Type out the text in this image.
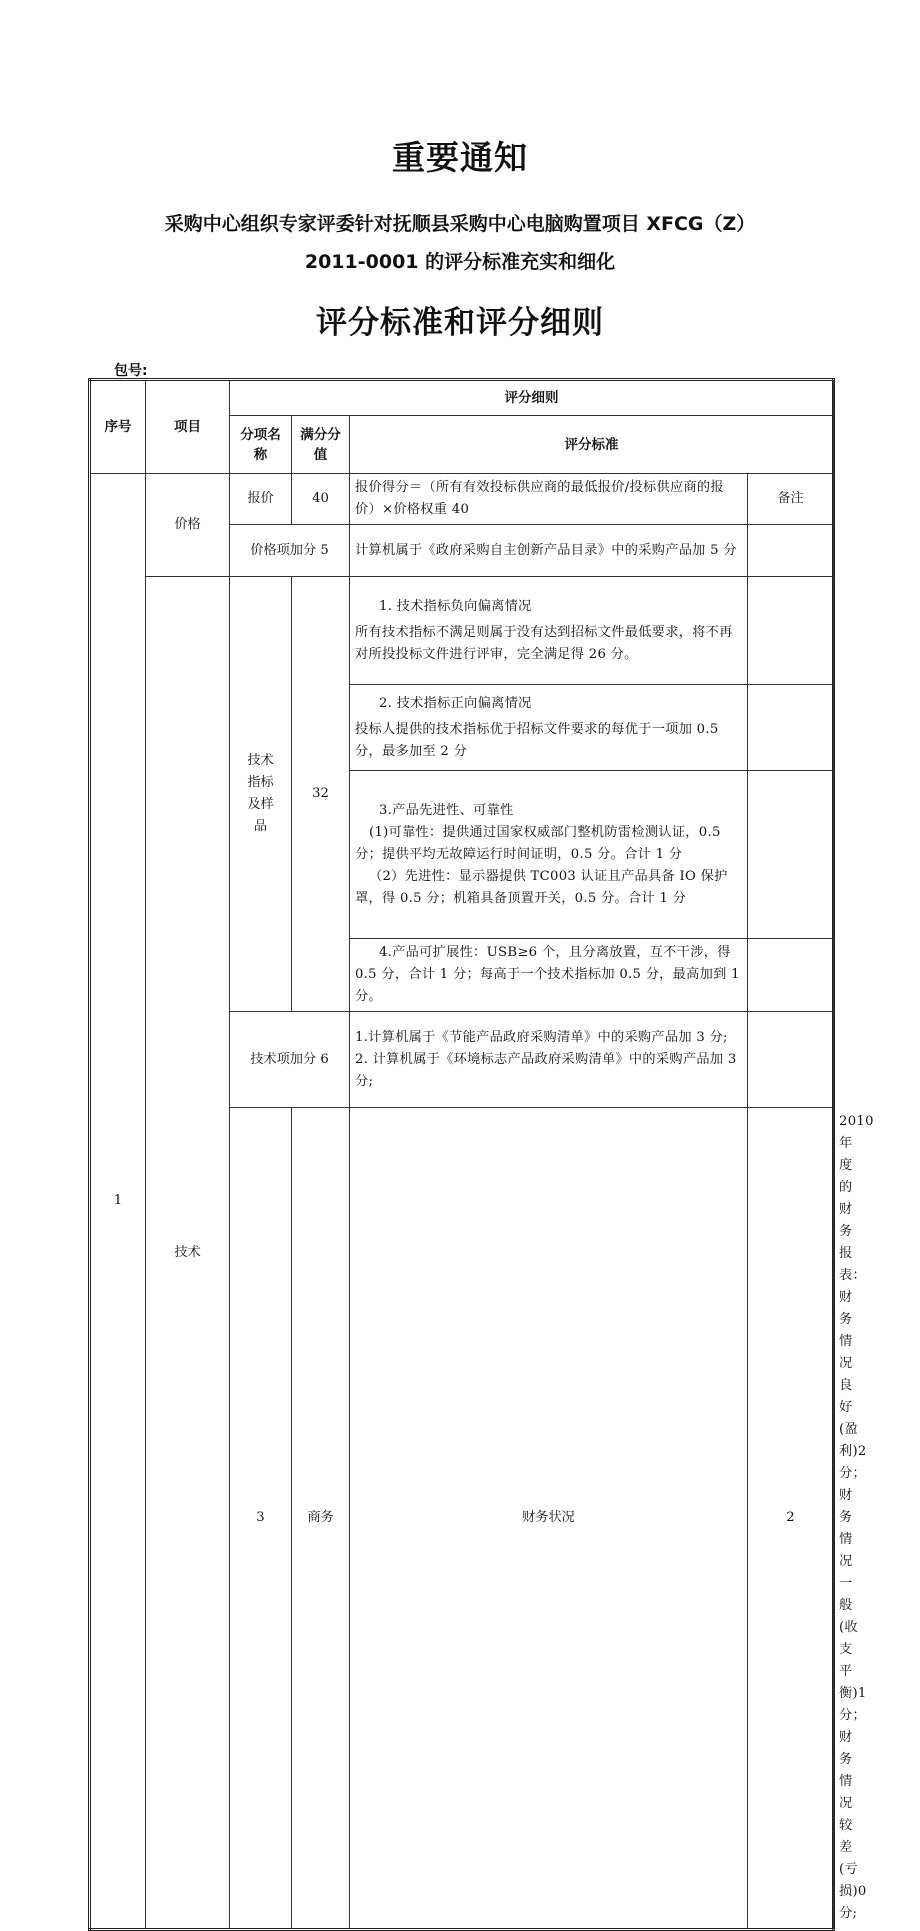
重要通知
采购中心组织专家评委针对抚顺县采购中心电脑购置项目 XFCG（Z）
2011-0001 的评分标准充实和细化
评分标准和评分细则
包号:
序号	项目	评分细则				
		分项名称	满分分值	评分标准		
1	价格	报价	40	报价得分＝（所有有效投标供应商的最低报价/投标供应商的报价）×价格权重 40	备注	
		价格项加分 5		计算机属于《政府采购自主创新产品目录》中的采购产品加 5 分		
	技术	技术指标及样品	32	1. 技术指标负向偏离情况
所有技术指标不满足则属于没有达到招标文件最低要求，将不再对所投投标文件进行评审，完全满足得 26 分。		

				2. 技术指标正向偏离情况
投标人提供的技术指标优于招标文件要求的每优于一项加 0.5 分，最多加至 2 分		

				3.产品先进性、可靠性
(1)可靠性：提供通过国家权威部门整机防雷检测认证，0.5 分；提供平均无故障运行时间证明，0.5 分。合计 1 分
（2）先进性：显示器提供 TC003 认证且产品具备 IO 保护罩，得 0.5 分；机箱具备顶置开关，0.5 分。合计 1 分		

				4.产品可扩展性：USB≥6 个，且分离放置，互不干涉，得 0.5 分，合计 1 分；每高于一个技术指标加 0.5 分，最高加到 1 分。		

		技术项加分 6		1.计算机属于《节能产品政府采购清单》中的采购产品加 3 分;
2. 计算机属于《环境标志产品政府采购清单》中的采购产品加 3 分;		

		3	商务	财务状况	2	2010 年度的财务报表：财务情况良好(盈利)2 分；财务情况一般(收支平衡)1 分；财务情况较差(亏损)0 分;	
